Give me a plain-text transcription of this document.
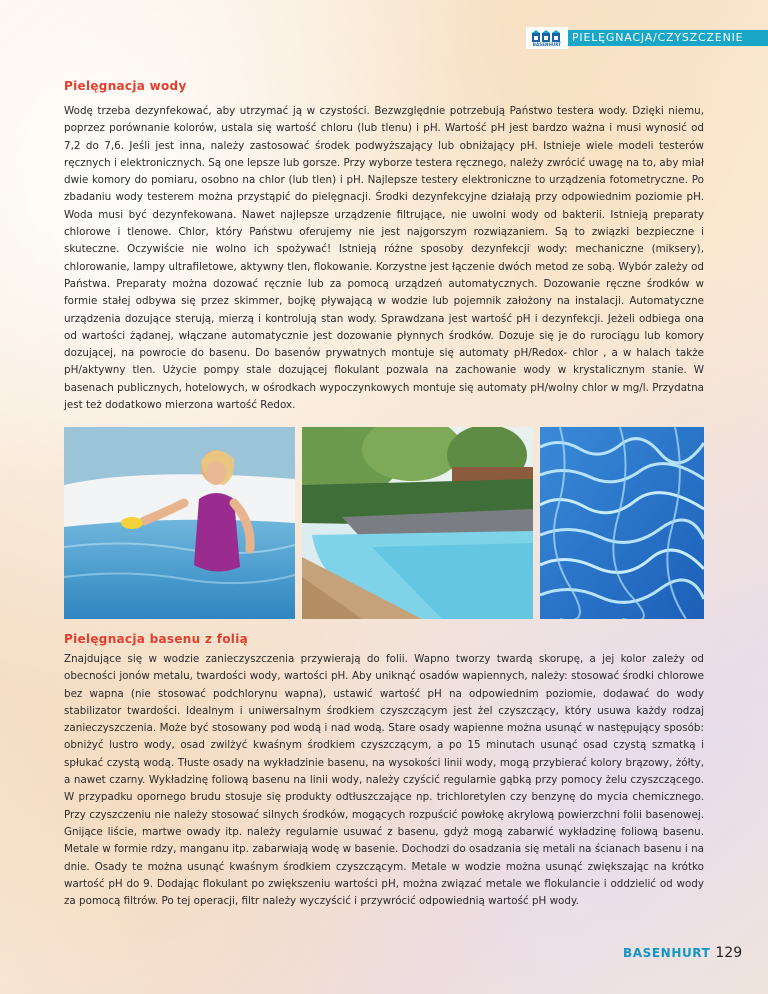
BASENHURT PIELĘGNACJA/CZYSZCZENIE
Pielęgnacja wody

Wodę trzeba dezynfekować, aby utrzymać ją w czystości. Bezwzględnie potrzebują Państwo testera wody. Dzięki niemu, poprzez porównanie kolorów, ustala się wartość chloru (lub tlenu) i pH. Wartość pH jest bardzo ważna i musi wynosić od 7,2 do 7,6. Jeśli jest inna, należy zastosować środek podwyższający lub obniżający pH. Istnieje wiele modeli testerów ręcznych i elektronicznych. Są one lepsze lub gorsze. Przy wyborze testera ręcznego, należy zwrócić uwagę na to, aby miał dwie komory do pomiaru, osobno na chlor (lub tlen) i pH. Najlepsze testery elektroniczne to urządzenia fotometryczne. Po zbadaniu wody testerem można przystąpić do pielęgnacji. Środki dezynfekcyjne działają przy odpowiednim poziomie pH. Woda musi być dezynfekowana. Nawet najlepsze urządzenie filtrujące, nie uwolni wody od bakterii. Istnieją preparaty chlorowe i tlenowe. Chlor, który Państwu oferujemy nie jest najgorszym rozwiązaniem. Są to związki bezpieczne i skuteczne. Oczywiście nie wolno ich spożywać! Istnieją różne sposoby dezynfekcji wody: mechaniczne (miksery), chlorowanie, lampy ultrafiletowe, aktywny tlen, flokowanie. Korzystne jest łączenie dwóch metod ze sobą. Wybór zależy od Państwa. Preparaty można dozować ręcznie lub za pomocą urządzeń automatycznych. Dozowanie ręczne środków w formie stałej odbywa się przez skimmer, bojkę pływającą w wodzie lub pojemnik założony na instalacji. Automatyczne urządzenia dozujące sterują, mierzą i kontrolują stan wody. Sprawdzana jest wartość pH i dezynfekcji. Jeżeli odbiega ona od wartości żądanej, włączane automatycznie jest dozowanie płynnych środków. Dozuje się je do rurociągu lub komory dozującej, na powrocie do basenu. Do basenów prywatnych montuje się automaty pH/Redox- chlor , a w halach także pH/aktywny tlen. Użycie pompy stale dozującej flokulant pozwala na zachowanie wody w krystalicznym stanie. W basenach publicznych, hotelowych, w ośrodkach wypoczynkowych montuje się automaty pH/wolny chlor w mg/l. Przydatna jest też dodatkowo mierzona wartość Redox.

Pielęgnacja basenu z folią

Znajdujące się w wodzie zanieczyszczenia przywierają do folii. Wapno tworzy twardą skorupę, a jej kolor zależy od obecności jonów metalu, twardości wody, wartości pH. Aby uniknąć osadów wapiennych, należy: stosować środki chlorowe bez wapna (nie stosować podchlorynu wapna), ustawić wartość pH na odpowiednim poziomie, dodawać do wody stabilizator twardości. Idealnym i uniwersalnym środkiem czyszczącym jest żel czyszczący, który usuwa każdy rodzaj zanieczyszczenia. Może być stosowany pod wodą i nad wodą. Stare osady wapienne można usunąć w następujący sposób: obniżyć lustro wody, osad zwilżyć kwaśnym środkiem czyszczącym, a po 15 minutach usunąć osad czystą szmatką i spłukać czystą wodą. Tłuste osady na wykładzinie basenu, na wysokości linii wody, mogą przybierać kolory brązowy, żółty, a nawet czarny. Wykładzinę foliową basenu na linii wody, należy czyścić regularnie gąbką przy pomocy żelu czyszczącego. W przypadku opornego brudu stosuje się produkty odtłuszczające np. trichloretylen czy benzynę do mycia chemicznego. Przy czyszczeniu nie należy stosować silnych środków, mogących rozpuścić powłokę akrylową powierzchni folii basenowej. Gnijące liście, martwe owady itp. należy regularnie usuwać z basenu, gdyż mogą zabarwić wykładzinę foliową basenu. Metale w formie rdzy, manganu itp. zabarwiają wodę w basenie. Dochodzi do osadzania się metali na ścianach basenu i na dnie. Osady te można usunąć kwaśnym środkiem czyszczącym. Metale w wodzie można usunąć zwiększając na krótko wartość pH do 9. Dodając flokulant po zwiększeniu wartości pH, można związać metale we flokulancie i oddzielić od wody za pomocą filtrów. Po tej operacji, filtr należy wyczyścić i przywrócić odpowiednią wartość pH wody.

BASENHURT 129
